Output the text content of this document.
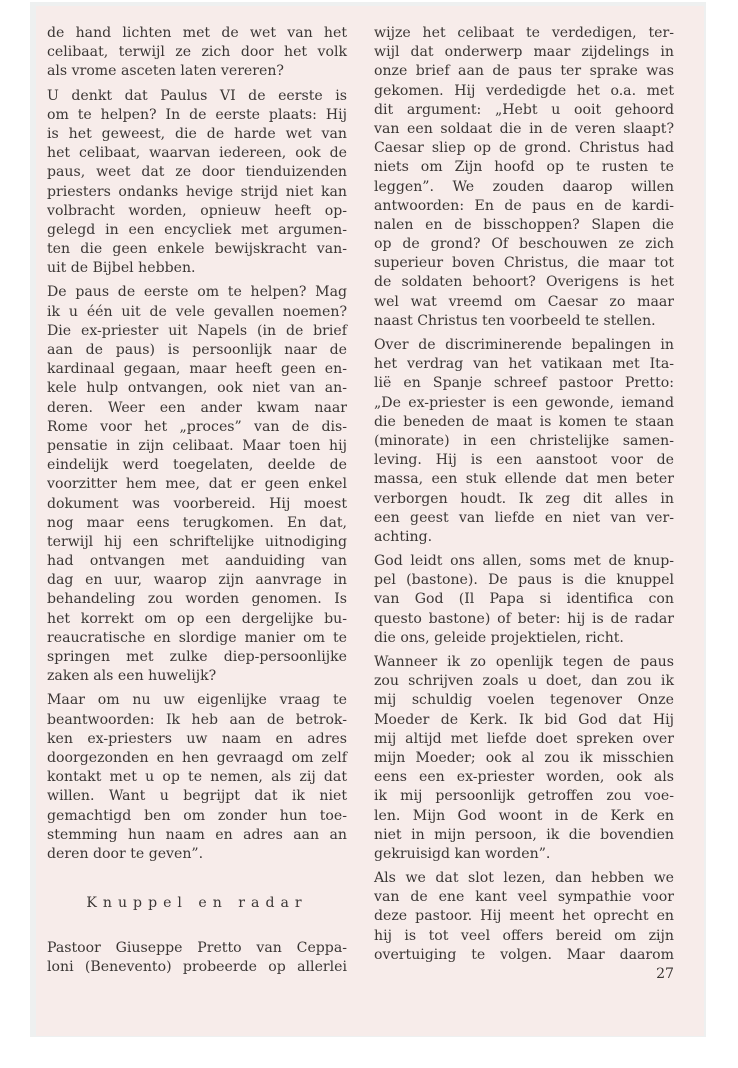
de hand lichten met de wet van het
celibaat, terwijl ze zich door het volk
als vrome asceten laten vereren?
U denkt dat Paulus VI de eerste is
om te helpen? In de eerste plaats: Hij
is het geweest, die de harde wet van
het celibaat, waarvan iedereen, ook de
paus, weet dat ze door tienduizenden
priesters ondanks hevige strijd niet kan
volbracht worden, opnieuw heeft op-
gelegd in een encycliek met argumen-
ten die geen enkele bewijskracht van-
uit de Bijbel hebben.
De paus de eerste om te helpen? Mag
ik u één uit de vele gevallen noemen?
Die ex-priester uit Napels (in de brief
aan de paus) is persoonlijk naar de
kardinaal gegaan, maar heeft geen en-
kele hulp ontvangen, ook niet van an-
deren. Weer een ander kwam naar
Rome voor het „proces” van de dis-
pensatie in zijn celibaat. Maar toen hij
eindelijk werd toegelaten, deelde de
voorzitter hem mee, dat er geen enkel
dokument was voorbereid. Hij moest
nog maar eens terugkomen. En dat,
terwijl hij een schriftelijke uitnodiging
had ontvangen met aanduiding van
dag en uur, waarop zijn aanvrage in
behandeling zou worden genomen. Is
het korrekt om op een dergelijke bu-
reaucratische en slordige manier om te
springen met zulke diep-persoonlijke
zaken als een huwelijk?
Maar om nu uw eigenlijke vraag te
beantwoorden: Ik heb aan de betrok-
ken ex-priesters uw naam en adres
doorgezonden en hen gevraagd om zelf
kontakt met u op te nemen, als zij dat
willen. Want u begrijpt dat ik niet
gemachtigd ben om zonder hun toe-
stemming hun naam en adres aan an
deren door te geven”.
Knuppel en radar
Pastoor Giuseppe Pretto van Ceppa-
loni (Benevento) probeerde op allerlei
wijze het celibaat te verdedigen, ter-
wijl dat onderwerp maar zijdelings in
onze brief aan de paus ter sprake was
gekomen. Hij verdedigde het o.a. met
dit argument: „Hebt u ooit gehoord
van een soldaat die in de veren slaapt?
Caesar sliep op de grond. Christus had
niets om Zijn hoofd op te rusten te
leggen”. We zouden daarop willen
antwoorden: En de paus en de kardi-
nalen en de bisschoppen? Slapen die
op de grond? Of beschouwen ze zich
superieur boven Christus, die maar tot
de soldaten behoort? Overigens is het
wel wat vreemd om Caesar zo maar
naast Christus ten voorbeeld te stellen.
Over de discriminerende bepalingen in
het verdrag van het vatikaan met Ita-
lië en Spanje schreef pastoor Pretto:
„De ex-priester is een gewonde, iemand
die beneden de maat is komen te staan
(minorate) in een christelijke samen-
leving. Hij is een aanstoot voor de
massa, een stuk ellende dat men beter
verborgen houdt. Ik zeg dit alles in
een geest van liefde en niet van ver-
achting.
God leidt ons allen, soms met de knup-
pel (bastone). De paus is die knuppel
van God (Il Papa si identifica con
questo bastone) of beter: hij is de radar
die ons, geleide projektielen, richt.
Wanneer ik zo openlijk tegen de paus
zou schrijven zoals u doet, dan zou ik
mij schuldig voelen tegenover Onze
Moeder de Kerk. Ik bid God dat Hij
mij altijd met liefde doet spreken over
mijn Moeder; ook al zou ik misschien
eens een ex-priester worden, ook als
ik mij persoonlijk getroffen zou voe-
len. Mijn God woont in de Kerk en
niet in mijn persoon, ik die bovendien
gekruisigd kan worden”.
Als we dat slot lezen, dan hebben we
van de ene kant veel sympathie voor
deze pastoor. Hij meent het oprecht en
hij is tot veel offers bereid om zijn
overtuiging te volgen. Maar daarom
27
